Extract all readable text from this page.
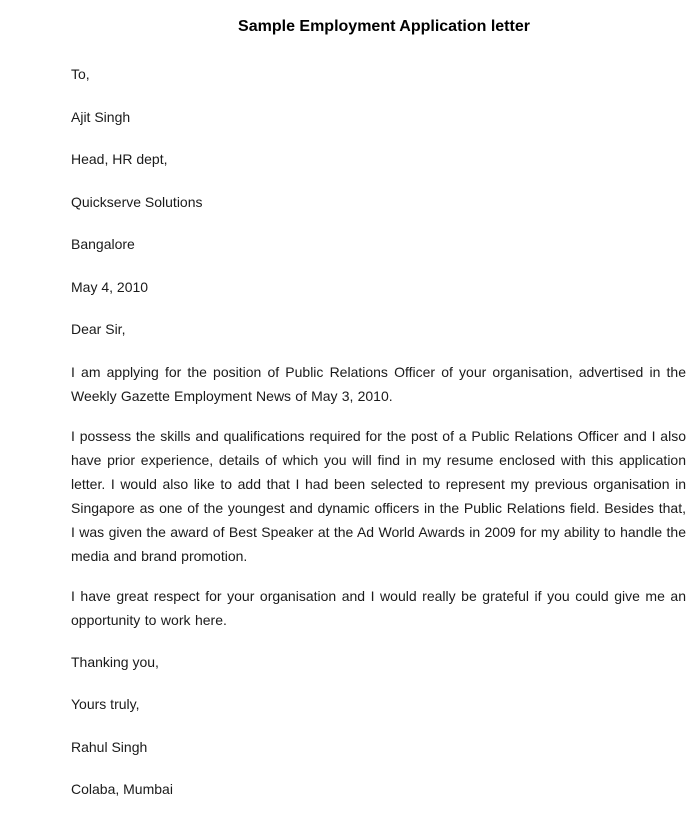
Sample Employment Application letter
To,
Ajit Singh
Head, HR dept,
Quickserve Solutions
Bangalore
May 4, 2010
Dear Sir,

I am applying for the position of Public Relations Officer of your organisation, advertised in the Weekly Gazette Employment News of May 3, 2010.

I possess the skills and qualifications required for the post of a Public Relations Officer and I also have prior experience, details of which you will find in my resume enclosed with this application letter. I would also like to add that I had been selected to represent my previous organisation in Singapore as one of the youngest and dynamic officers in the Public Relations field. Besides that, I was given the award of Best Speaker at the Ad World Awards in 2009 for my ability to handle the media and brand promotion.

I have great respect for your organisation and I would really be grateful if you could give me an opportunity to work here.

Thanking you,
Yours truly,
Rahul Singh
Colaba, Mumbai
